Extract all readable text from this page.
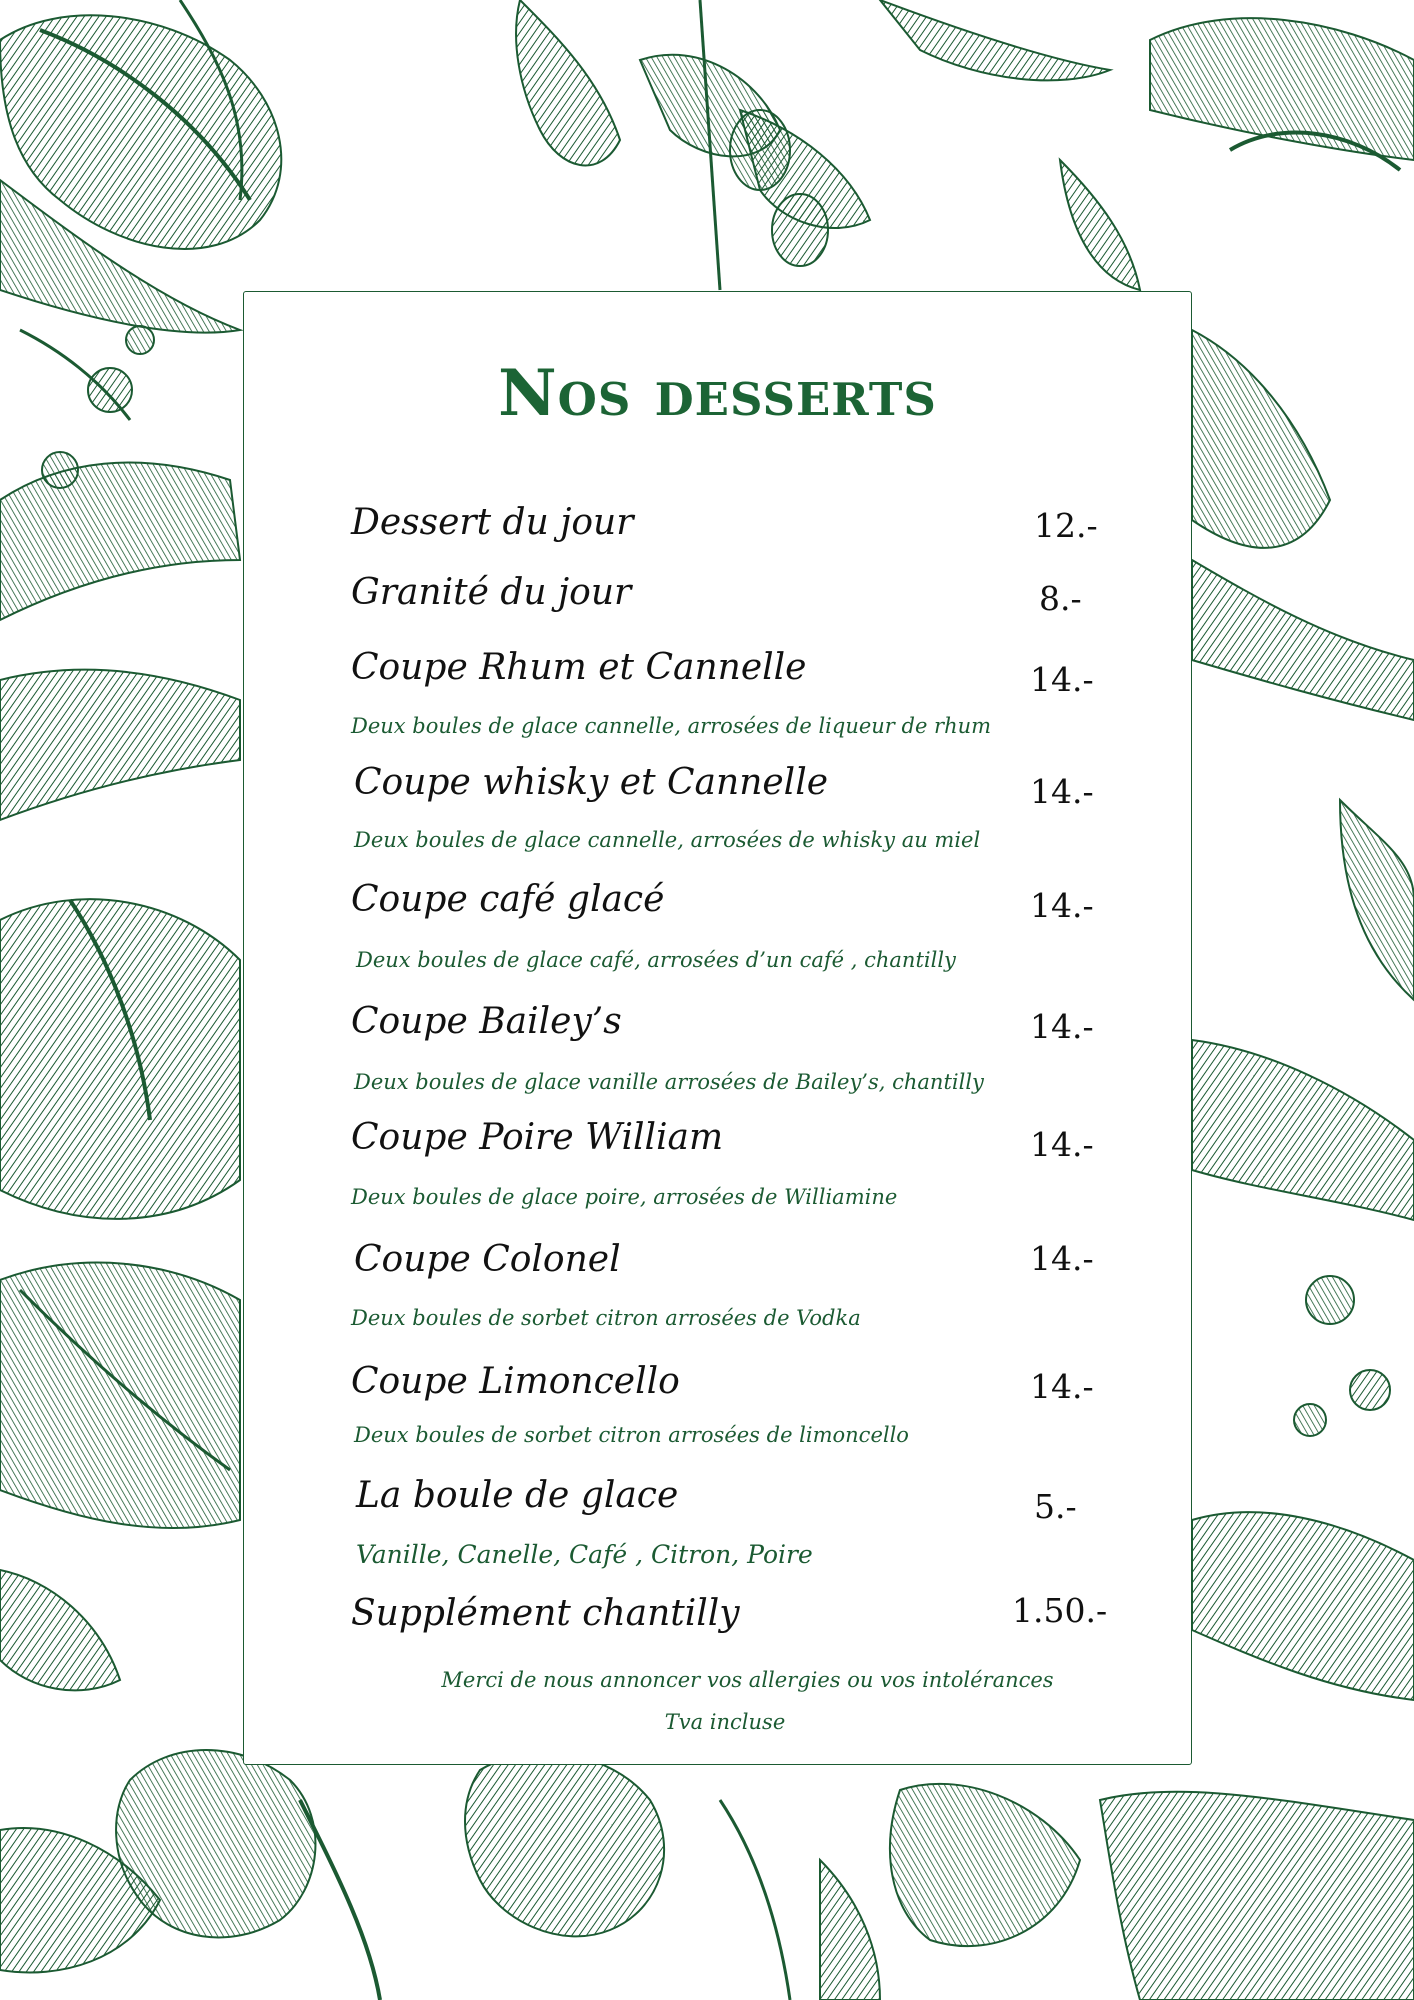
Nos desserts
Dessert du jour	12.-
Granité du jour	8.-
Coupe Rhum et Cannelle	14.-
Deux boules de glace cannelle, arrosées de liqueur de rhum
Coupe whisky et Cannelle	14.-
Deux boules de glace cannelle, arrosées de whisky au miel
Coupe café glacé	14.-
Deux boules de glace café, arrosées d’un café , chantilly
Coupe Bailey’s	14.-
Deux boules de glace vanille arrosées de Bailey’s, chantilly
Coupe Poire William	14.-
Deux boules de glace poire, arrosées de Williamine
Coupe Colonel	14.-
Deux boules de sorbet citron arrosées de Vodka
Coupe Limoncello	14.-
Deux boules de sorbet citron arrosées de limoncello
La boule de glace	5.-
Vanille, Canelle, Café , Citron, Poire
Supplément chantilly	1.50.-
Merci de nous annoncer vos allergies ou vos intolérances
Tva incluse
